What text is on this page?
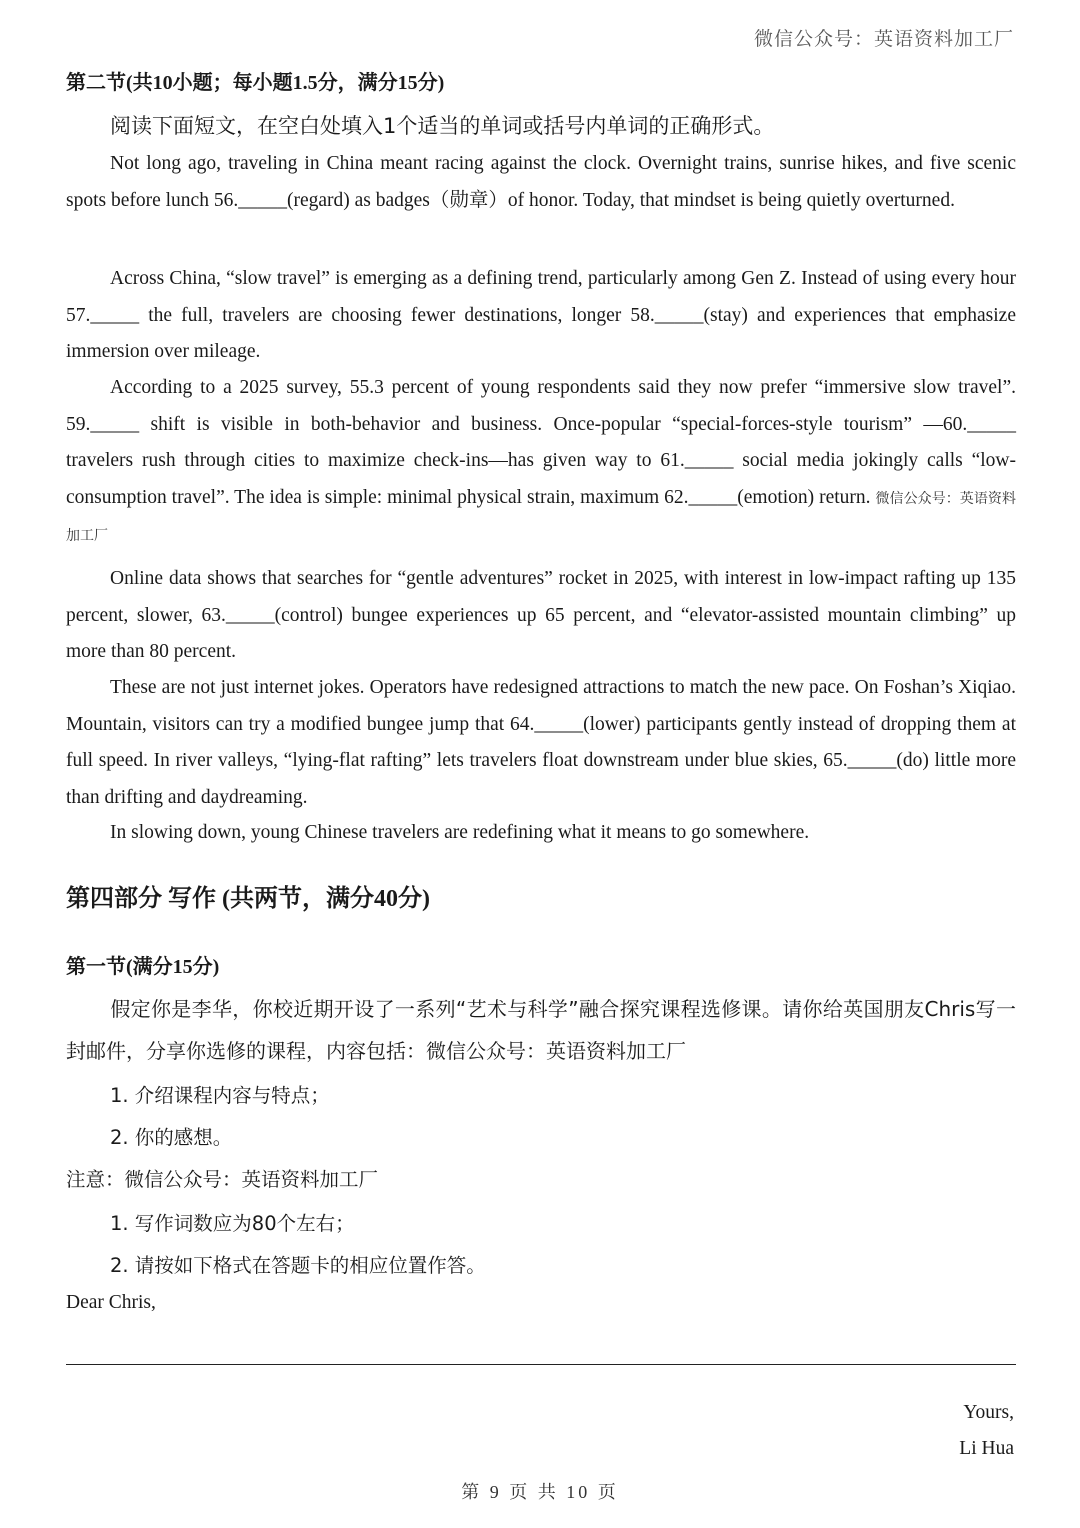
微信公众号：英语资料加工厂
第二节(共10小题；每小题1.5分，满分15分)
阅读下面短文，在空白处填入1个适当的单词或括号内单词的正确形式。

Not long ago, traveling in China meant racing against the clock. Overnight trains, sunrise hikes, and five scenic spots before lunch 56._____(regard) as badges（勋章）of honor. Today, that mindset is being quietly overturned.

Across China, “slow travel” is emerging as a defining trend, particularly among Gen Z. Instead of using every hour 57._____ the full, travelers are choosing fewer destinations, longer 58._____(stay) and experiences that emphasize immersion over mileage.

According to a 2025 survey, 55.3 percent of young respondents said they now prefer “immersive slow travel”. 59._____ shift is visible in both-behavior and business. Once-popular “special-forces-style tourism” —60._____ travelers rush through cities to maximize check-ins—has given way to 61._____ social media jokingly calls “low-consumption travel”. The idea is simple: minimal physical strain, maximum 62._____(emotion) return. 微信公众号：英语资料加工厂

Online data shows that searches for “gentle adventures” rocket in 2025, with interest in low-impact rafting up 135 percent, slower, 63._____(control) bungee experiences up 65 percent, and “elevator-assisted mountain climbing” up more than 80 percent.

These are not just internet jokes. Operators have redesigned attractions to match the new pace. On Foshan’s Xiqiao. Mountain, visitors can try a modified bungee jump that 64._____(lower) participants gently instead of dropping them at full speed. In river valleys, “lying-flat rafting” lets travelers float downstream under blue skies, 65._____(do) little more than drifting and daydreaming.

In slowing down, young Chinese travelers are redefining what it means to go somewhere.

第四部分 写作 (共两节，满分40分)
第一节(满分15分)

假定你是李华，你校近期开设了一系列“艺术与科学”融合探究课程选修课。请你给英国朋友Chris写一封邮件，分享你选修的课程，内容包括：微信公众号：英语资料加工厂

1. 介绍课程内容与特点；
2. 你的感想。
注意：微信公众号：英语资料加工厂
1. 写作词数应为80个左右；
2. 请按如下格式在答题卡的相应位置作答。
Dear Chris,
Yours,
Li Hua
第 9 页 共 10 页
